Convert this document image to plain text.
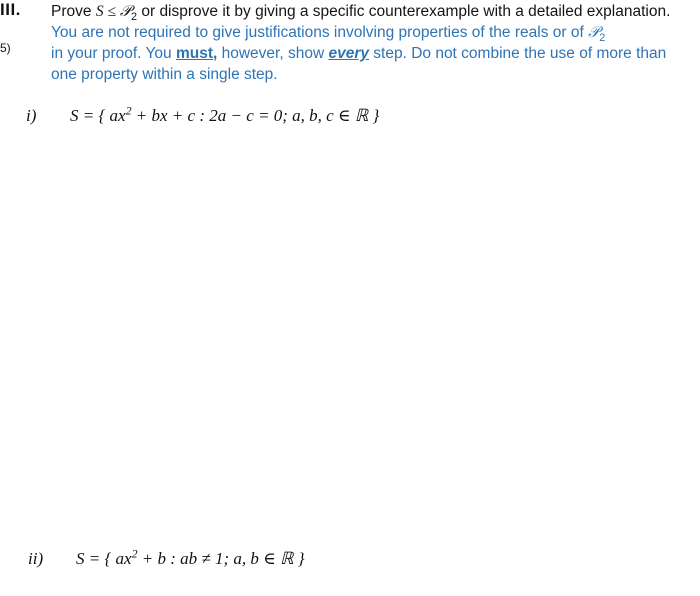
III.
5)
Prove S ≤ 𝒫$_2$ or disprove it by giving a specific counterexample with a detailed explanation.
You are not required to give justifications involving properties of the reals or of 𝒫$_2$
in your proof. You must, however, show every step. Do not combine the use of more than
one property within a single step.
i) S = { $ax^2$ + bx + c : 2a − c = 0; a, b, c ∈ ℝ }
ii) S = { $ax^2 + b$ : ab ≠ 1; a, b ∈ ℝ }
